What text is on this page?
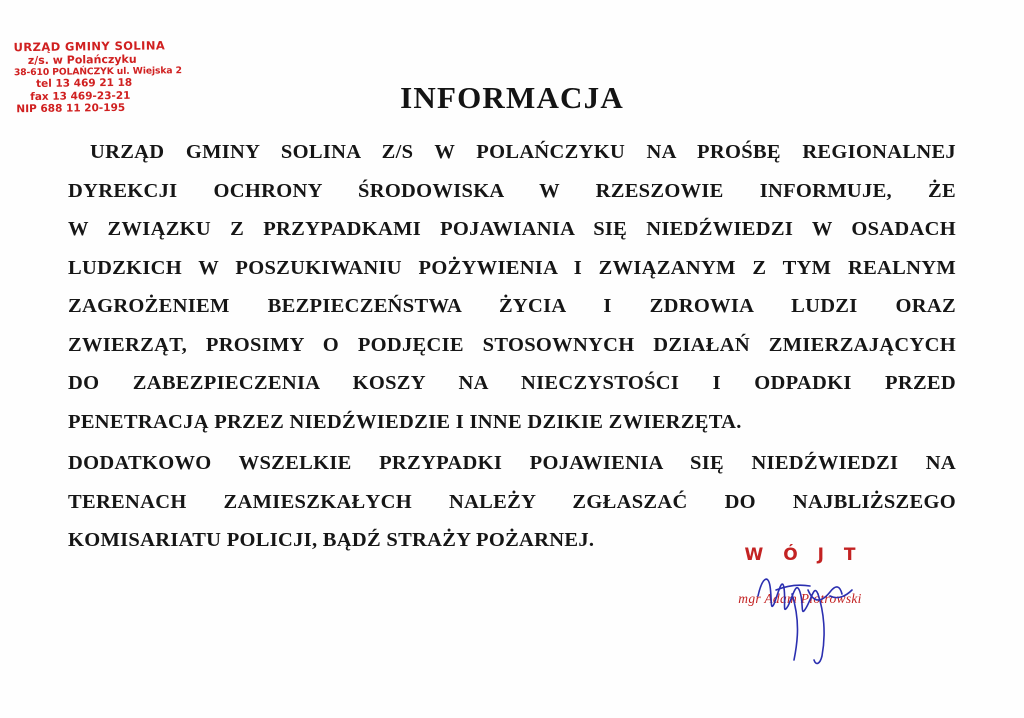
URZĄD GMINY SOLINA
z/s. w Polańczyku
38-610 POLAŃCZYK ul. Wiejska 2
tel 13 469 21 18
fax 13 469-23-21
NIP 688 11 20-195	INFORMACJA

URZĄD GMINY SOLINA Z/S W POLAŃCZYKU NA PROŚBĘ REGIONALNEJ
DYREKCJI OCHRONY ŚRODOWISKA W RZESZOWIE INFORMUJE, ŻE
W ZWIĄZKU Z PRZYPADKAMI POJAWIANIA SIĘ NIEDŹWIEDZI W OSADACH
LUDZKICH W POSZUKIWANIU POŻYWIENIA I ZWIĄZANYM Z TYM REALNYM
ZAGROŻENIEM BEZPIECZEŃSTWA ŻYCIA I ZDROWIA LUDZI ORAZ
ZWIERZĄT, PROSIMY O PODJĘCIE STOSOWNYCH DZIAŁAŃ ZMIERZAJĄCYCH
DO ZABEZPIECZENIA KOSZY NA NIECZYSTOŚCI I ODPADKI PRZED
PENETRACJĄ PRZEZ NIEDŹWIEDZIE I INNE DZIKIE ZWIERZĘTA.

DODATKOWO WSZELKIE PRZYPADKI POJAWIENIA SIĘ NIEDŹWIEDZI NA
TERENACH ZAMIESZKAŁYCH NALEŻY ZGŁASZAĆ DO NAJBLIŻSZEGO
KOMISARIATU POLICJI, BĄDŹ STRAŻY POŻARNEJ.

W Ó J T
mgr Adam Piotrowski
